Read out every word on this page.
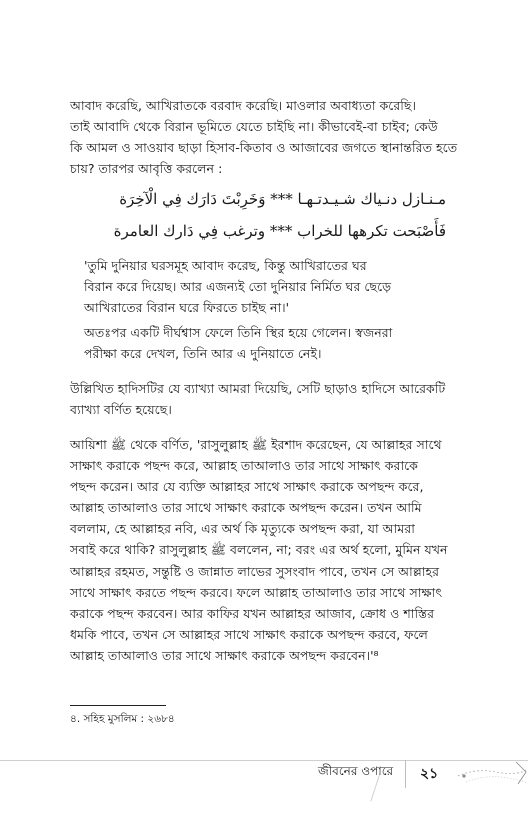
আবাদ করেছি, আখিরাতকে বরবাদ করেছি। মাওলার অবাধ্যতা করেছি।
তাই আবাদি থেকে বিরান ভূমিতে যেতে চাইছি না। কীভাবেই-বা চাইব; কেউ
কি আমল ও সাওয়াব ছাড়া হিসাব-কিতাব ও আজাবের জগতে স্থানান্তরিত হতে
চায়? তারপর আবৃত্তি করলেন :
مـنـازل دنـياك شـيـدتـهـا *** وَخَرِبْتَ دَارَك فِي الْآخِرَة
فَأَصْبَحت تكرهها للخراب *** وترغب فِي دَارك العامرة
'তুমি দুনিয়ার ঘরসমূহ আবাদ করেছ, কিন্তু আখিরাতের ঘর
বিরান করে দিয়েছ। আর এজন্যই তো দুনিয়ার নির্মিত ঘর ছেড়ে
আখিরাতের বিরান ঘরে ফিরতে চাইছ না।'
অতঃপর একটি দীর্ঘশ্বাস ফেলে তিনি স্থির হয়ে গেলেন। স্বজনরা
পরীক্ষা করে দেখল, তিনি আর এ দুনিয়াতে নেই।
উল্লিখিত হাদিসটির যে ব্যাখ্যা আমরা দিয়েছি, সেটি ছাড়াও হাদিসে আরেকটি
ব্যাখ্যা বর্ণিত হয়েছে।
আয়িশা ﷺ থেকে বর্ণিত, 'রাসুলুল্লাহ ﷺ ইরশাদ করেছেন, যে আল্লাহর সাথে
সাক্ষাৎ করাকে পছন্দ করে, আল্লাহ তাআলাও তার সাথে সাক্ষাৎ করাকে
পছন্দ করেন। আর যে ব্যক্তি আল্লাহর সাথে সাক্ষাৎ করাকে অপছন্দ করে,
আল্লাহ তাআলাও তার সাথে সাক্ষাৎ করাকে অপছন্দ করেন। তখন আমি
বললাম, হে আল্লাহর নবি, এর অর্থ কি মৃত্যুকে অপছন্দ করা, যা আমরা
সবাই করে থাকি? রাসুলুল্লাহ ﷺ বললেন, না; বরং এর অর্থ হলো, মুমিন যখন
আল্লাহর রহমত, সন্তুষ্টি ও জান্নাত লাভের সুসংবাদ পাবে, তখন সে আল্লাহর
সাথে সাক্ষাৎ করতে পছন্দ করবে। ফলে আল্লাহ তাআলাও তার সাথে সাক্ষাৎ
করাকে পছন্দ করবেন। আর কাফির যখন আল্লাহর আজাব, ক্রোধ ও শাস্তির
ধমকি পাবে, তখন সে আল্লাহর সাথে সাক্ষাৎ করাকে অপছন্দ করবে, ফলে
আল্লাহ তাআলাও তার সাথে সাক্ষাৎ করাকে অপছন্দ করবেন।'⁸
৪. সহিহ মুসলিম : ২৬৮৪
জীবনের ওপারে ২১
